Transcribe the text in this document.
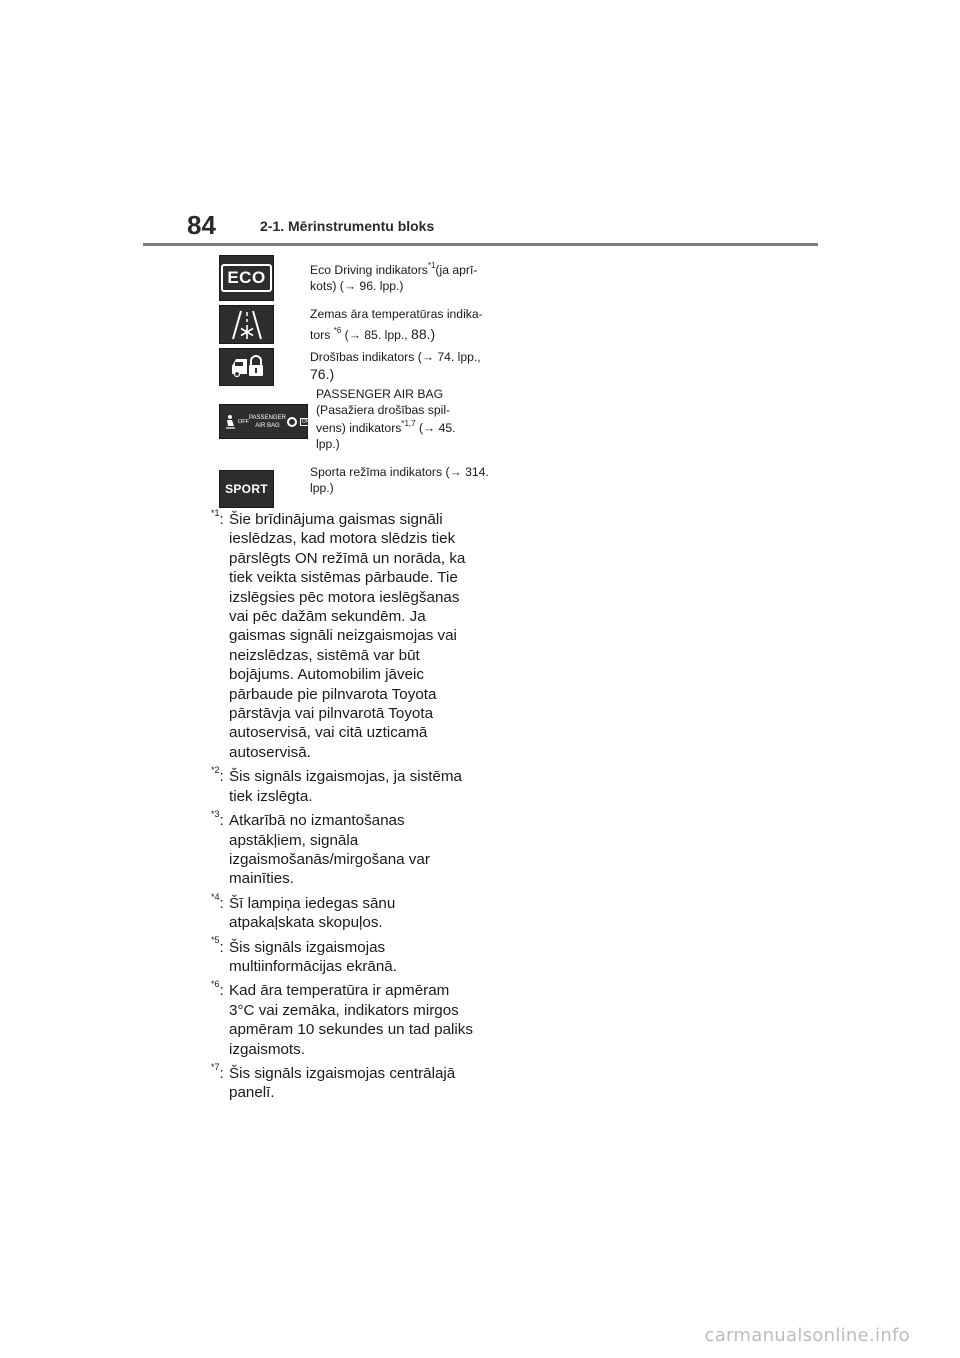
84	2-1. Mērinstrumentu bloks
ECO	Eco Driving indikators$^{*1}$(ja aprī-
kots) (→ 96. lpp.)
Zemas āra temperatūras indika-
tors $^{*6}$ (→ 85. lpp., 88.)
Drošības indikators (→ 74. lpp.,
76.)
OFF
PASSENGER
AIR BAG
ON
PASSENGER AIR BAG
(Pasažiera drošības spil-
vens) indikators$^{*1,7}$ (→ 45.
lpp.)
SPORT
Sporta režīma indikators (→ 314.
lpp.)
$^{*1}$: Šie brīdinājuma gaismas signāli
ieslēdzas, kad motora slēdzis tiek
pārslēgts ON režīmā un norāda, ka
tiek veikta sistēmas pārbaude. Tie
izslēgsies pēc motora ieslēgšanas
vai pēc dažām sekundēm. Ja
gaismas signāli neizgaismojas vai
neizslēdzas, sistēmā var būt
bojājums. Automobilim jāveic
pārbaude pie pilnvarota Toyota
pārstāvja vai pilnvarotā Toyota
autoservisā, vai citā uzticamā
autoservisā.
$^{*2}$: Šis signāls izgaismojas, ja sistēma
tiek izslēgta.
$^{*3}$: Atkarībā no izmantošanas
apstākļiem, signāla
izgaismošanās/mirgošana var
mainīties.
$^{*4}$: Šī lampiņa iedegas sānu
atpakaļskata skopuļos.
$^{*5}$: Šis signāls izgaismojas
multiinformācijas ekrānā.
$^{*6}$: Kad āra temperatūra ir apmēram
3°C vai zemāka, indikators mirgos
apmēram 10 sekundes un tad paliks
izgaismots.
$^{*7}$: Šis signāls izgaismojas centrālajā
panelī.
carmanualsonline.info
